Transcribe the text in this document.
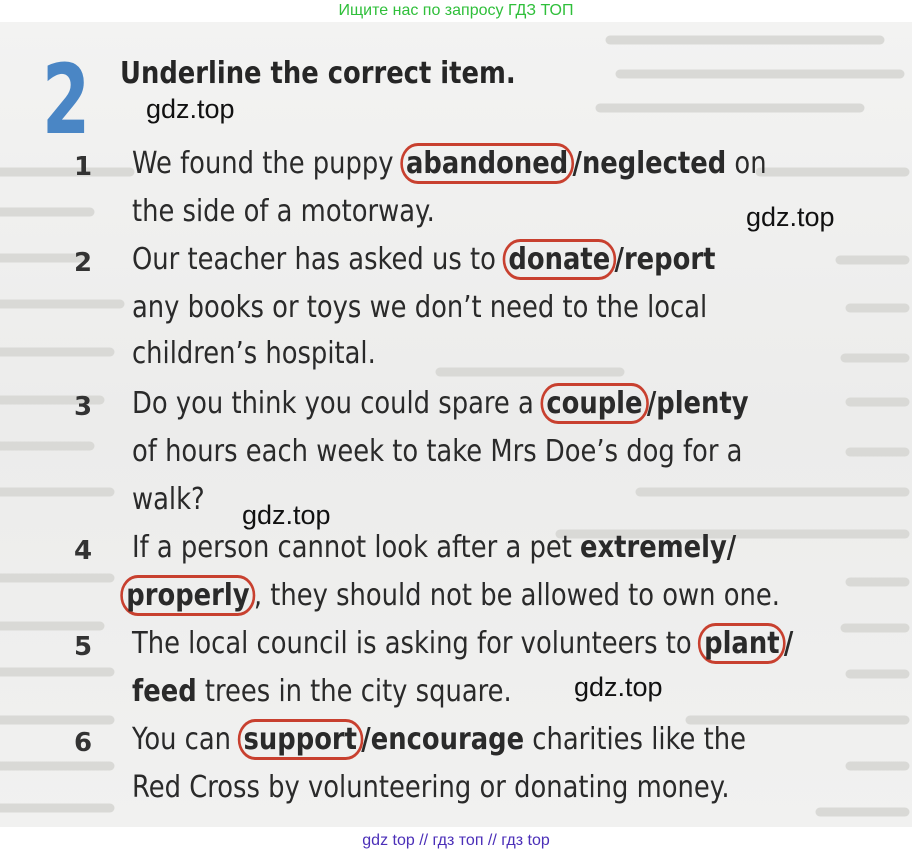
Ищите нас по запросу ГДЗ ТОП
2 Underline the correct item.
1 We found the puppy abandoned /neglected on
the side of a motorway.
2 Our teacher has asked us to donate /report
any books or toys we don’t need to the local
children’s hospital.
3 Do you think you could spare a couple /plenty
of hours each week to take Mrs Doe’s dog for a
walk?
4 If a person cannot look after a pet extremely/
properly , they should not be allowed to own one.
5 The local council is asking for volunteers to plant /
feed trees in the city square.
6 You can support /encourage charities like the
Red Cross by volunteering or donating money.
gdz.top
gdz.top
gdz.top
gdz.top
gdz top // гдз топ // гдз top
